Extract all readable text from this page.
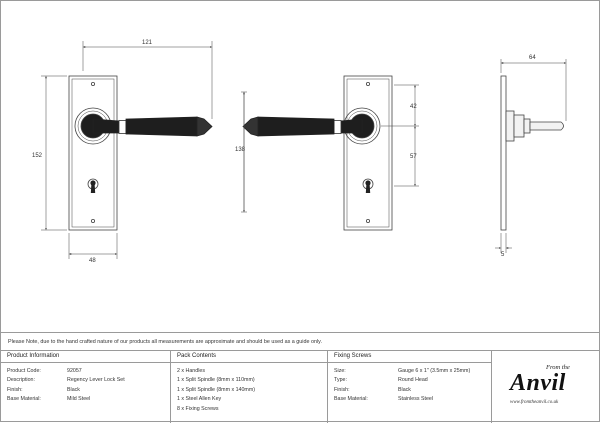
121
152
48
138
42
57
64
5
Please Note, due to the hand crafted nature of our products all measurements are approximate and should be used as a guide only.
Product Information
Product Code:	92057
Description:	Regency Lever Lock Set
Finish:	Black
Base Material:	Mild Steel
Pack Contents
2 x Handles
1 x Split Spindle (8mm x 110mm)
1 x Split Spindle (8mm x 140mm)
1 x Steel Allen Key
8 x Fixing Screws
Fixing Screws
Size:	Gauge 6 x 1" (3.5mm x 25mm)
Type:	Round Head
Finish:	Black
Base Material:	Stainless Steel
From the
Anvil
www.fromtheanvil.co.uk
